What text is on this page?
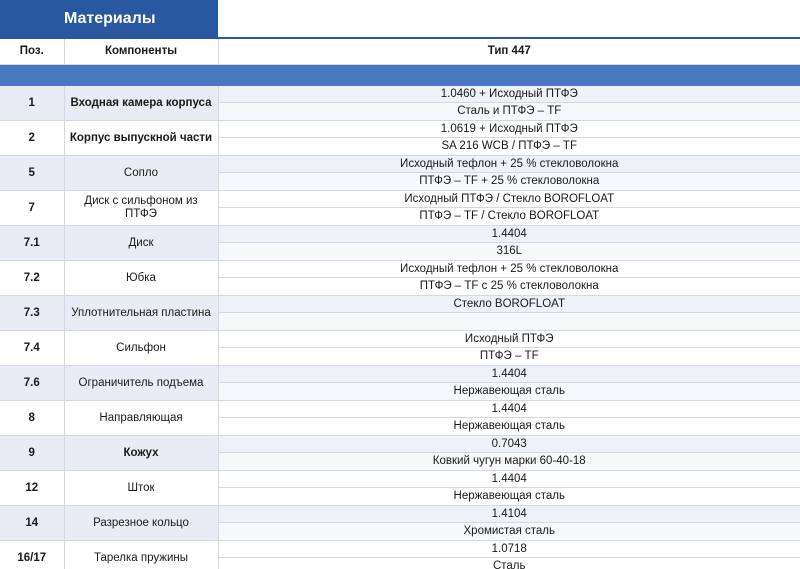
Материалы
Поз.	Компоненты	Тип 447

1	Входная камера корпуса	1.0460 + Исходный ПТФЭ
Сталь и ПТФЭ – TF

2	Корпус выпускной части	1.0619 + Исходный ПТФЭ
SA 216 WCB / ПТФЭ – TF

5	Сопло	Исходный тефлон + 25 % стекловолокна
ПТФЭ – TF + 25 % стекловолокна

7	Диск с сильфоном из ПТФЭ	Исходный ПТФЭ / Стекло BOROFLOAT
ПТФЭ – TF / Стекло BOROFLOAT

7.1	Диск	1.4404
316L

7.2	Юбка	Исходный тефлон + 25 % стекловолокна
ПТФЭ – TF с 25 % стекловолокна

7.3	Уплотнительная пластина	Стекло BOROFLOAT

7.4	Сильфон	Исходный ПТФЭ
ПТФЭ – TF

7.6	Ограничитель подъема	1.4404
Нержавеющая сталь

8	Направляющая	1.4404
Нержавеющая сталь

9	Кожух	0.7043
Ковкий чугун марки 60-40-18

12	Шток	1.4404
Нержавеющая сталь

14	Разрезное кольцо	1.4104
Хромистая сталь

16/17	Тарелка пружины	1.0718
Сталь
